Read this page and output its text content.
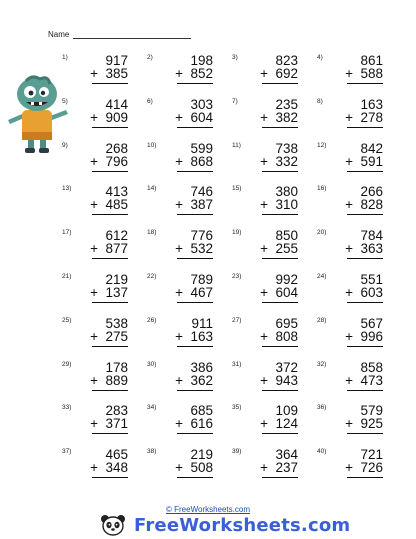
Name
1)	917
+  385
2)	198
+  852
3)	823
+  692
4)	861
+  588
5)	414
+  909
6)	303
+  604
7)	235
+  382
8)	163
+  278
9)	268
+  796
10)	599
+  868
11)	738
+  332
12)	842
+  591
13)	413
+  485
14)	746
+  387
15)	380
+  310
16)	266
+  828
17)	612
+  877
18)	776
+  532
19)	850
+  255
20)	784
+  363
21)	219
+  137
22)	789
+  467
23)	992
+  604
24)	551
+  603
25)	538
+  275
26)	911
+  163
27)	695
+  808
28)	567
+  996
29)	178
+  889
30)	386
+  362
31)	372
+  943
32)	858
+  473
33)	283
+  371
34)	685
+  616
35)	109
+  124
36)	579
+  925
37)	465
+  348
38)	219
+  508
39)	364
+  237
40)	721
+  726
© FreeWorksheets.com
FreeWorksheets.com
